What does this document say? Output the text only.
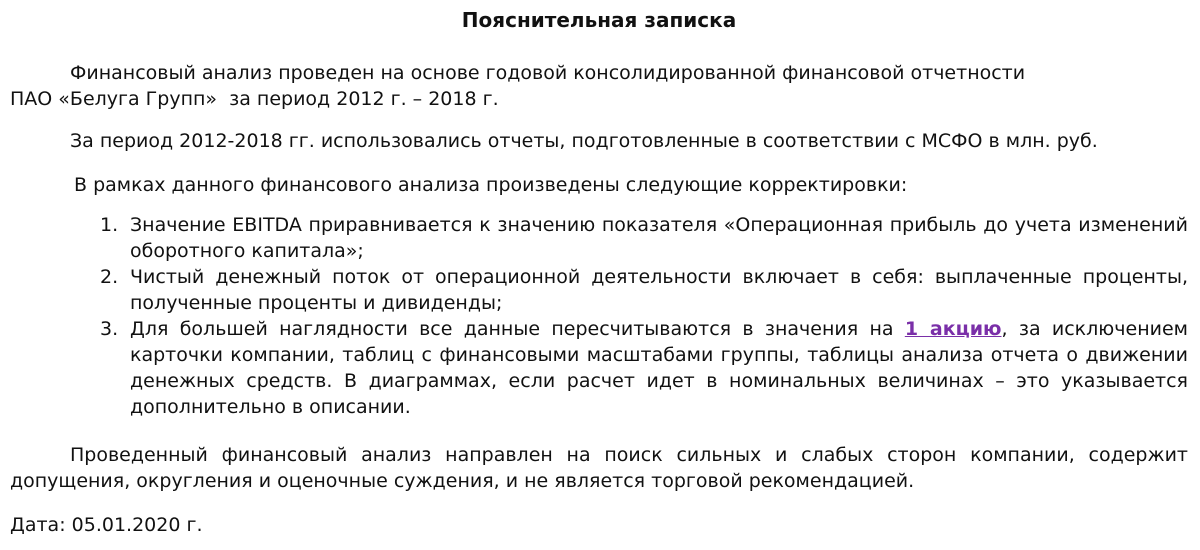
Пояснительная записка
Финансовый анализ проведен на основе годовой консолидированной финансовой отчетности
ПАО «Белуга Групп»  за период 2012 г. – 2018 г.
За период 2012-2018 гг. использовались отчеты, подготовленные в соответствии с МСФО в млн. руб.
В рамках данного финансового анализа произведены следующие корректировки:
1. Значение EBITDA приравнивается к значению показателя «Операционная прибыль до учета изменений оборотного капитала»;
2. Чистый денежный поток от операционной деятельности включает в себя: выплаченные проценты, полученные проценты и дивиденды;
3. Для большей наглядности все данные пересчитываются в значения на 1 акцию, за исключением карточки компании, таблиц с финансовыми масштабами группы, таблицы анализа отчета о движении денежных средств. В диаграммах, если расчет идет в номинальных величинах – это указывается дополнительно в описании.
Проведенный финансовый анализ направлен на поиск сильных и слабых сторон компании, содержит допущения, округления и оценочные суждения, и не является торговой рекомендацией.
Дата: 05.01.2020 г.
